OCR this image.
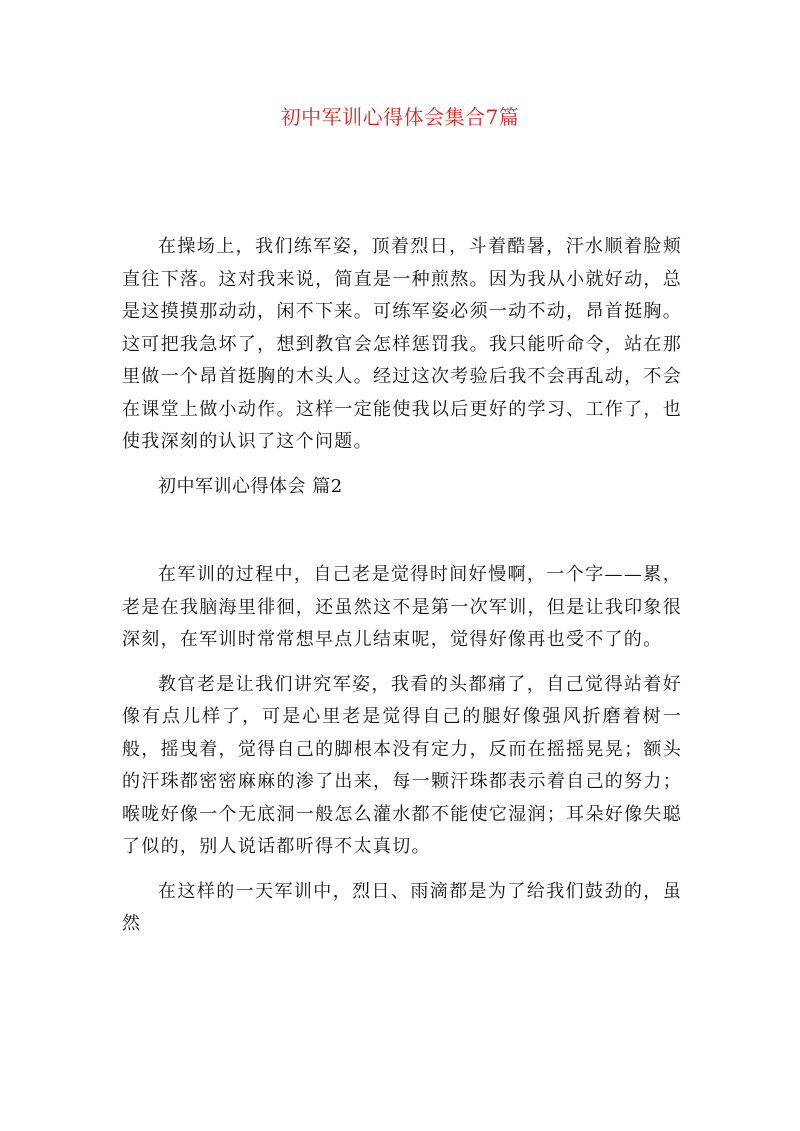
初中军训心得体会集合7篇

在操场上，我们练军姿，顶着烈日，斗着酷暑，汗水顺着脸颊直往下落。这对我来说，简直是一种煎熬。因为我从小就好动，总是这摸摸那动动，闲不下来。可练军姿必须一动不动，昂首挺胸。这可把我急坏了，想到教官会怎样惩罚我。我只能听命令，站在那里做一个昂首挺胸的木头人。经过这次考验后我不会再乱动，不会在课堂上做小动作。这样一定能使我以后更好的学习、工作了，也使我深刻的认识了这个问题。

初中军训心得体会 篇2

在军训的过程中，自己老是觉得时间好慢啊，一个字——累，老是在我脑海里徘徊，还虽然这不是第一次军训，但是让我印象很深刻，在军训时常常想早点儿结束呢，觉得好像再也受不了的。

教官老是让我们讲究军姿，我看的头都痛了，自己觉得站着好像有点儿样了，可是心里老是觉得自己的腿好像强风折磨着树一般，摇曳着，觉得自己的脚根本没有定力，反而在摇摇晃晃；额头的汗珠都密密麻麻的渗了出来，每一颗汗珠都表示着自己的努力；喉咙好像一个无底洞一般怎么灌水都不能使它湿润；耳朵好像失聪了似的，别人说话都听得不太真切。

在这样的一天军训中，烈日、雨滴都是为了给我们鼓劲的，虽然
